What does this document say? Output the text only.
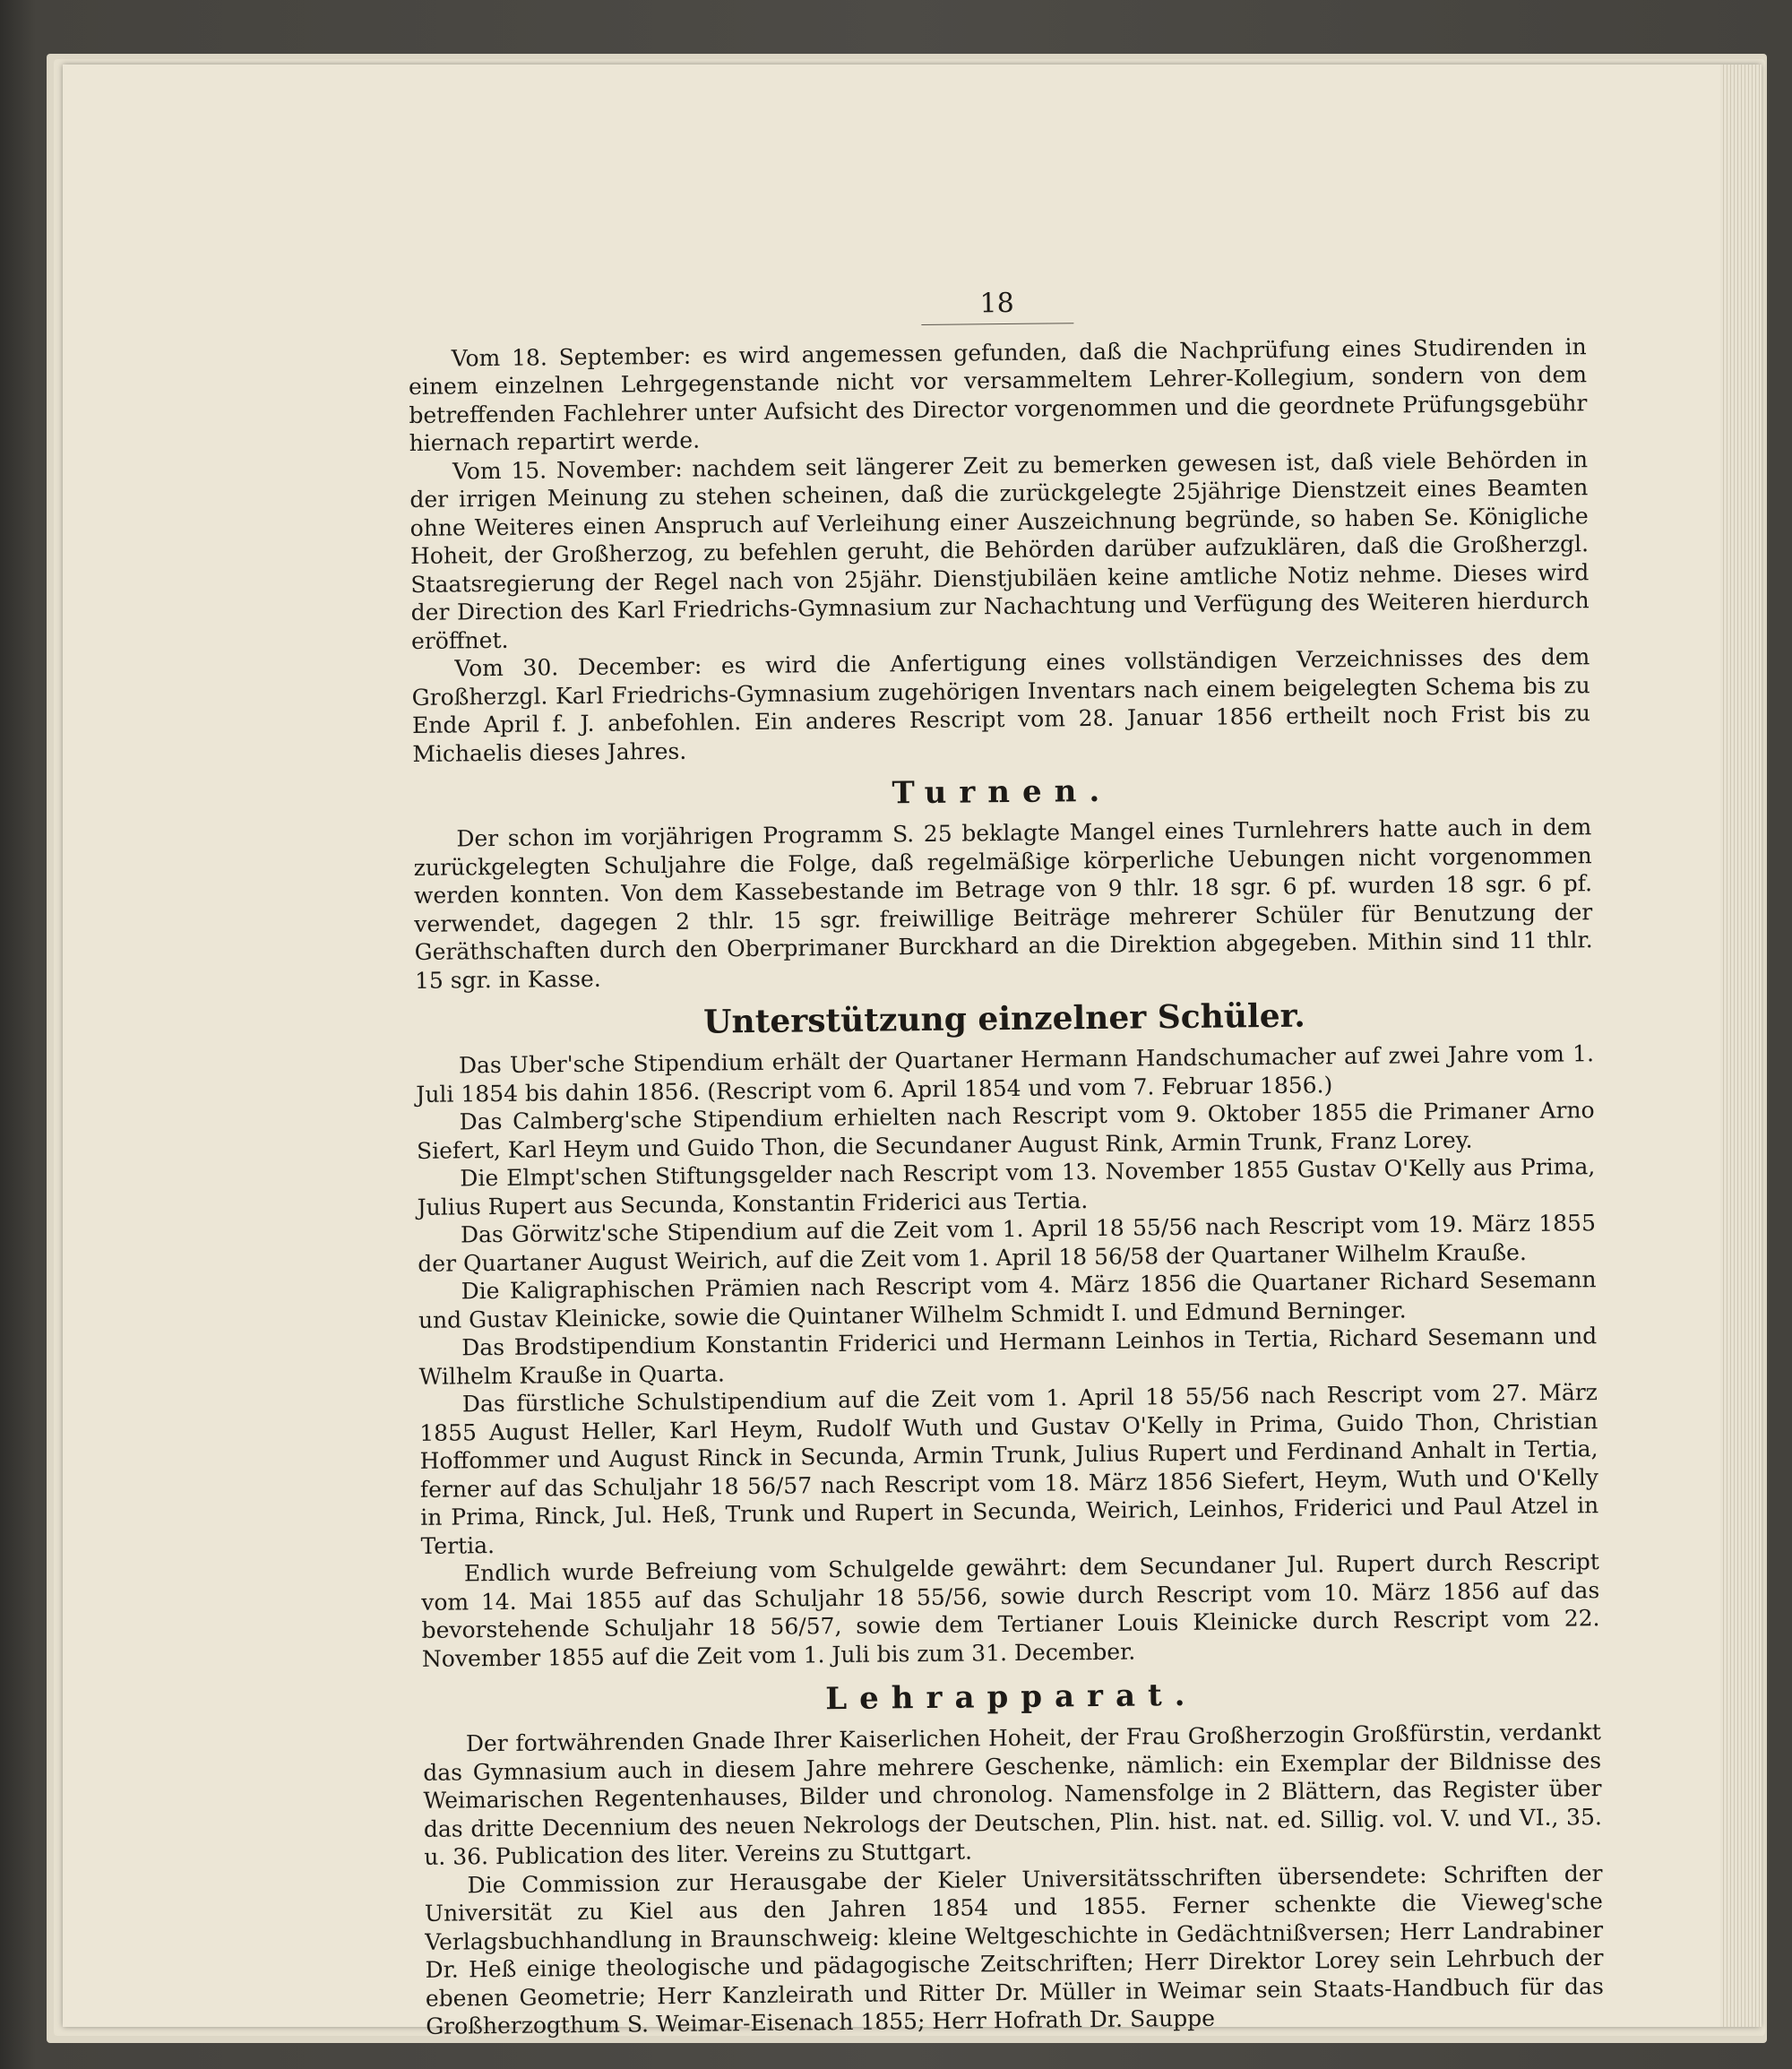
18

Vom 18. September: es wird angemessen gefunden, daß die Nachprüfung eines Studirenden in einem einzelnen Lehrgegenstande nicht vor versammeltem Lehrer-Kollegium, sondern von dem betreffenden Fachlehrer unter Aufsicht des Director vorgenommen und die geordnete Prüfungsgebühr hiernach repartirt werde.

Vom 15. November: nachdem seit längerer Zeit zu bemerken gewesen ist, daß viele Behörden in der irrigen Meinung zu stehen scheinen, daß die zurückgelegte 25jährige Dienstzeit eines Beamten ohne Weiteres einen Anspruch auf Verleihung einer Auszeichnung begründe, so haben Se. Königliche Hoheit, der Großherzog, zu befehlen geruht, die Behörden darüber aufzuklären, daß die Großherzgl. Staatsregierung der Regel nach von 25jähr. Dienstjubiläen keine amtliche Notiz nehme. Dieses wird der Direction des Karl Friedrichs-Gymnasium zur Nachachtung und Verfügung des Weiteren hierdurch eröffnet.

Vom 30. December: es wird die Anfertigung eines vollständigen Verzeichnisses des dem Großherzgl. Karl Friedrichs-Gymnasium zugehörigen Inventars nach einem beigelegten Schema bis zu Ende April f. J. anbefohlen. Ein anderes Rescript vom 28. Januar 1856 ertheilt noch Frist bis zu Michaelis dieses Jahres.

Turnen.

Der schon im vorjährigen Programm S. 25 beklagte Mangel eines Turnlehrers hatte auch in dem zurückgelegten Schuljahre die Folge, daß regelmäßige körperliche Uebungen nicht vorgenommen werden konnten. Von dem Kassebestande im Betrage von 9 thlr. 18 sgr. 6 pf. wurden 18 sgr. 6 pf. verwendet, dagegen 2 thlr. 15 sgr. freiwillige Beiträge mehrerer Schüler für Benutzung der Geräthschaften durch den Oberprimaner Burckhard an die Direktion abgegeben. Mithin sind 11 thlr. 15 sgr. in Kasse.

Unterstützung einzelner Schüler.

Das Uber'sche Stipendium erhält der Quartaner Hermann Handschumacher auf zwei Jahre vom 1. Juli 1854 bis dahin 1856. (Rescript vom 6. April 1854 und vom 7. Februar 1856.)

Das Calmberg'sche Stipendium erhielten nach Rescript vom 9. Oktober 1855 die Primaner Arno Siefert, Karl Heym und Guido Thon, die Secundaner August Rink, Armin Trunk, Franz Lorey.

Die Elmpt'schen Stiftungsgelder nach Rescript vom 13. November 1855 Gustav O'Kelly aus Prima, Julius Rupert aus Secunda, Konstantin Friderici aus Tertia.

Das Görwitz'sche Stipendium auf die Zeit vom 1. April 18 55/56 nach Rescript vom 19. März 1855 der Quartaner August Weirich, auf die Zeit vom 1. April 18 56/58 der Quartaner Wilhelm Krauße.

Die Kaligraphischen Prämien nach Rescript vom 4. März 1856 die Quartaner Richard Sesemann und Gustav Kleinicke, sowie die Quintaner Wilhelm Schmidt I. und Edmund Berninger.

Das Brodstipendium Konstantin Friderici und Hermann Leinhos in Tertia, Richard Sesemann und Wilhelm Krauße in Quarta.

Das fürstliche Schulstipendium auf die Zeit vom 1. April 18 55/56 nach Rescript vom 27. März 1855 August Heller, Karl Heym, Rudolf Wuth und Gustav O'Kelly in Prima, Guido Thon, Christian Hoffommer und August Rinck in Secunda, Armin Trunk, Julius Rupert und Ferdinand Anhalt in Tertia, ferner auf das Schuljahr 18 56/57 nach Rescript vom 18. März 1856 Siefert, Heym, Wuth und O'Kelly in Prima, Rinck, Jul. Heß, Trunk und Rupert in Secunda, Weirich, Leinhos, Friderici und Paul Atzel in Tertia.

Endlich wurde Befreiung vom Schulgelde gewährt: dem Secundaner Jul. Rupert durch Rescript vom 14. Mai 1855 auf das Schuljahr 18 55/56, sowie durch Rescript vom 10. März 1856 auf das bevorstehende Schuljahr 18 56/57, sowie dem Tertianer Louis Kleinicke durch Rescript vom 22. November 1855 auf die Zeit vom 1. Juli bis zum 31. December.

Lehrapparat.

Der fortwährenden Gnade Ihrer Kaiserlichen Hoheit, der Frau Großherzogin Großfürstin, verdankt das Gymnasium auch in diesem Jahre mehrere Geschenke, nämlich: ein Exemplar der Bildnisse des Weimarischen Regentenhauses, Bilder und chronolog. Namensfolge in 2 Blättern, das Register über das dritte Decennium des neuen Nekrologs der Deutschen, Plin. hist. nat. ed. Sillig. vol. V. und VI., 35. u. 36. Publication des liter. Vereins zu Stuttgart.

Die Commission zur Herausgabe der Kieler Universitätsschriften übersendete: Schriften der Universität zu Kiel aus den Jahren 1854 und 1855. Ferner schenkte die Vieweg'sche Verlagsbuchhandlung in Braunschweig: kleine Weltgeschichte in Gedächtnißversen; Herr Landrabiner Dr. Heß einige theologische und pädagogische Zeitschriften; Herr Direktor Lorey sein Lehrbuch der ebenen Geometrie; Herr Kanzleirath und Ritter Dr. Müller in Weimar sein Staats-Handbuch für das Großherzogthum S. Weimar-Eisenach 1855; Herr Hofrath Dr. Sauppe
